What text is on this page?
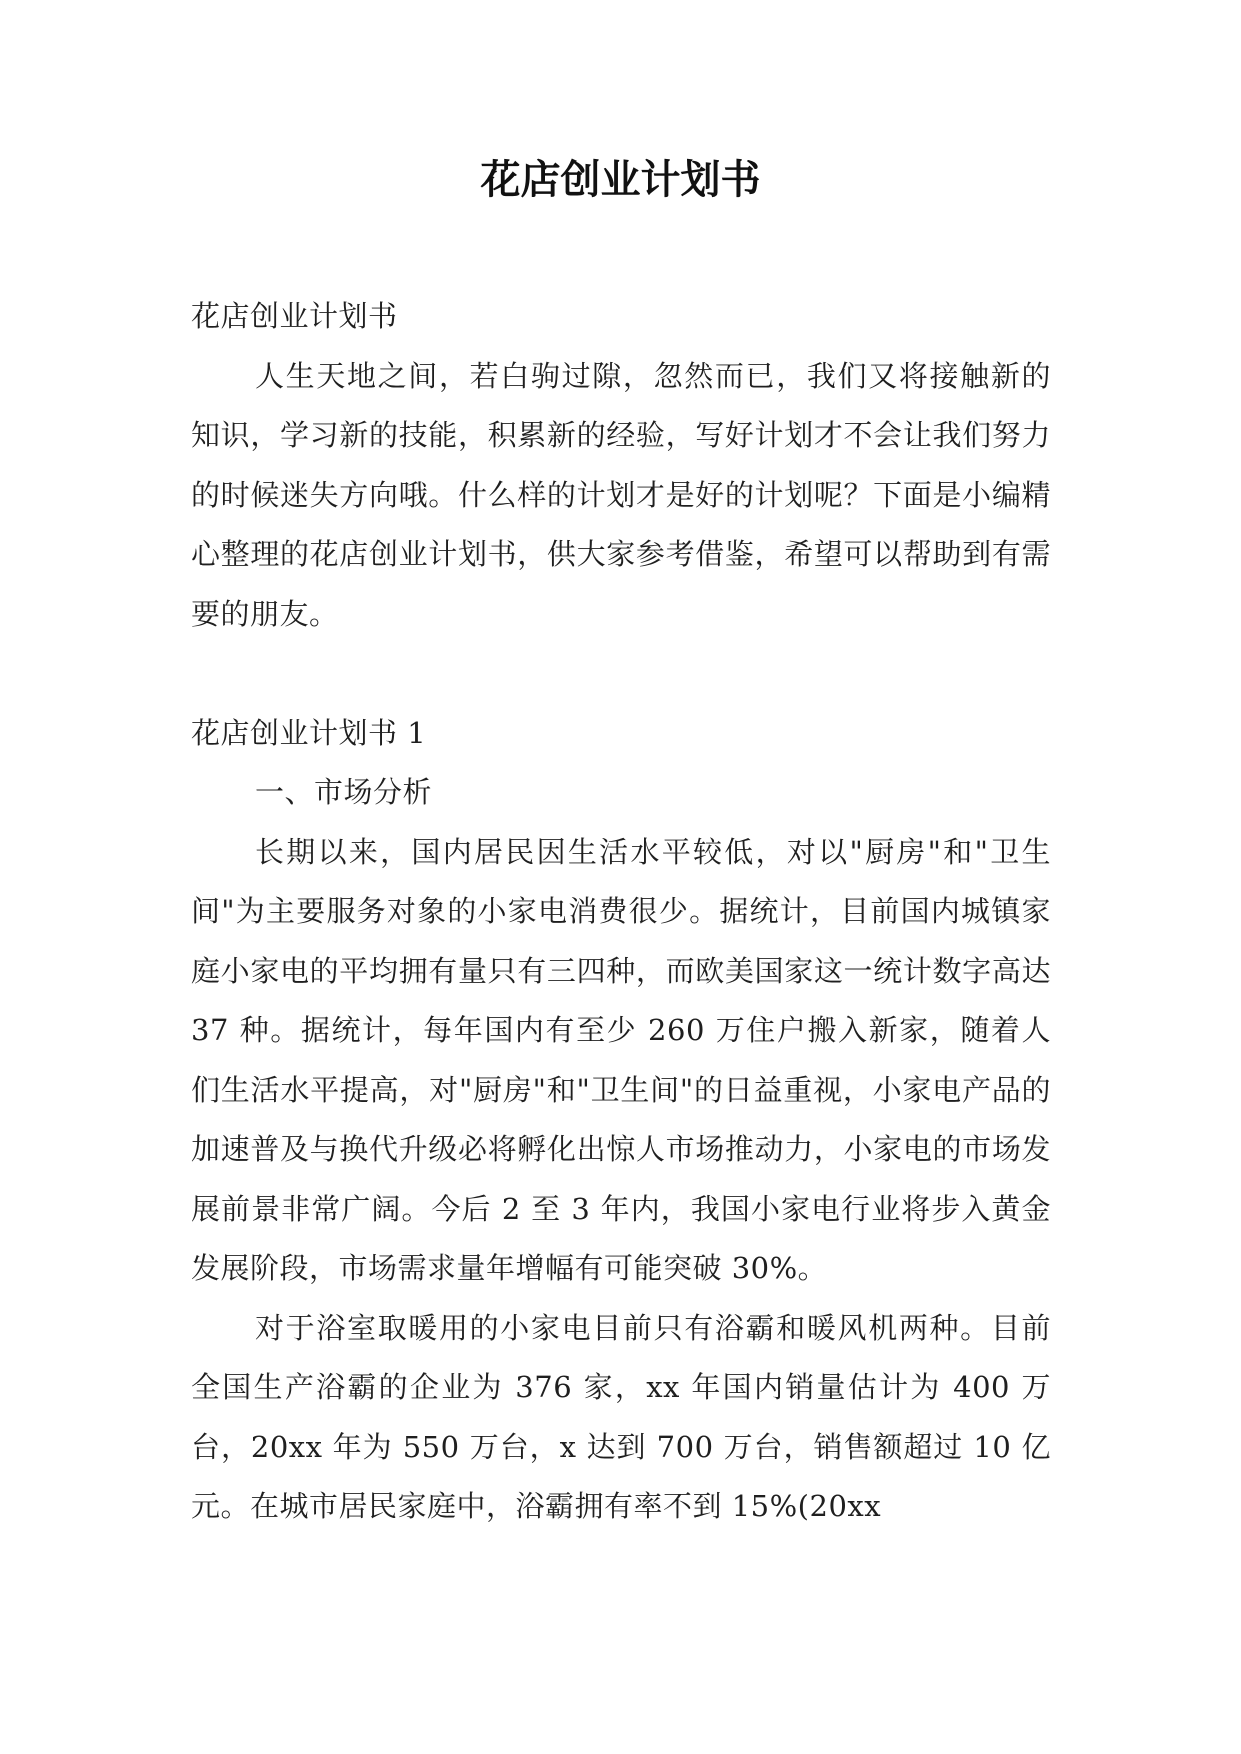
花店创业计划书

花店创业计划书

人生天地之间，若白驹过隙，忽然而已，我们又将接触新的知识，学习新的技能，积累新的经验，写好计划才不会让我们努力的时候迷失方向哦。什么样的计划才是好的计划呢？下面是小编精心整理的花店创业计划书，供大家参考借鉴，希望可以帮助到有需要的朋友。

花店创业计划书 1

一、市场分析

长期以来，国内居民因生活水平较低，对以"厨房"和"卫生间"为主要服务对象的小家电消费很少。据统计，目前国内城镇家庭小家电的平均拥有量只有三四种，而欧美国家这一统计数字高达 37 种。据统计，每年国内有至少 260 万住户搬入新家，随着人们生活水平提高，对"厨房"和"卫生间"的日益重视，小家电产品的加速普及与换代升级必将孵化出惊人市场推动力，小家电的市场发展前景非常广阔。今后 2 至 3 年内，我国小家电行业将步入黄金发展阶段，市场需求量年增幅有可能突破 30%。

对于浴室取暖用的小家电目前只有浴霸和暖风机两种。目前全国生产浴霸的企业为 376 家，xx 年国内销量估计为 400 万台，20xx 年为 550 万台，x 达到 700 万台，销售额超过 10 亿元。在城市居民家庭中，浴霸拥有率不到 15%(20xx
